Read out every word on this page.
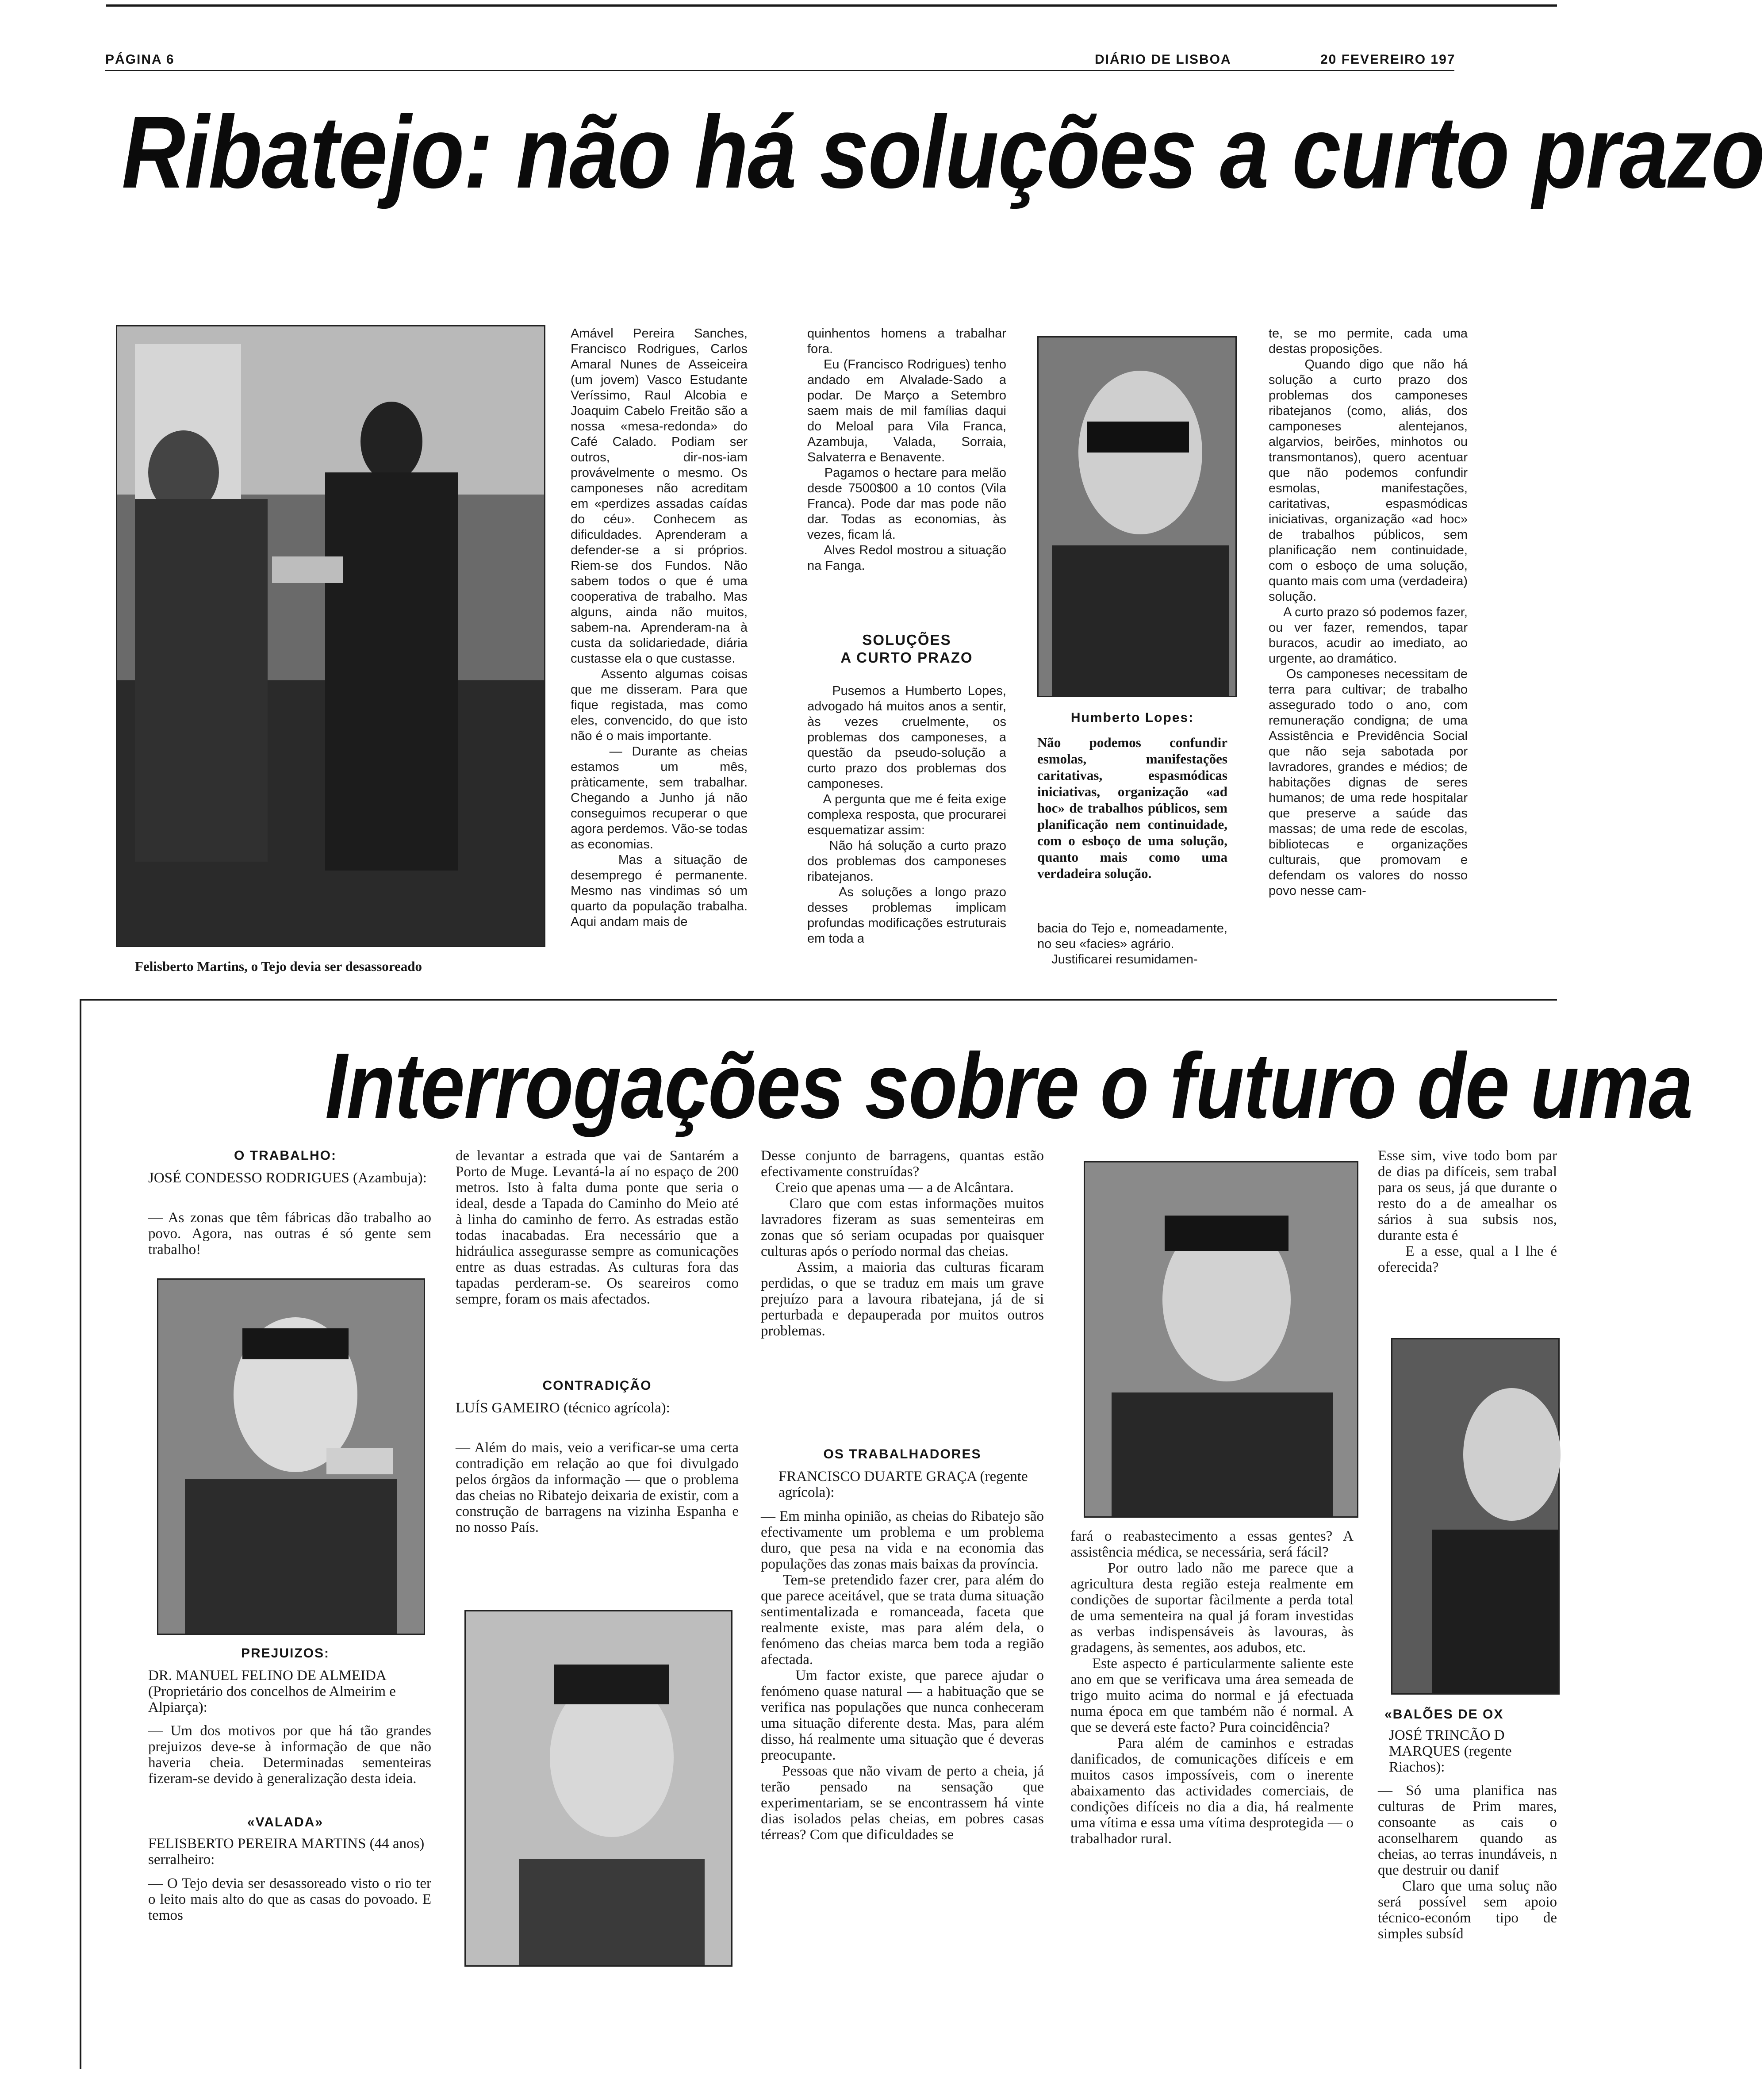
PÁGINA 6	DIÁRIO DE LISBOA	20 FEVEREIRO 197
Ribatejo: não há soluções a curto prazo
Felisberto Martins, o Tejo devia ser desassoreado
Amável Pereira Sanches, Francisco Rodrigues, Carlos Amaral Nunes de Asseiceira (um jovem) Vasco Estudante Veríssimo, Raul Alcobia e Joaquim Cabelo Freitão são a nossa «mesa-redonda» do Café Calado. Podiam ser outros, dir-nos-iam provávelmente o mesmo. Os camponeses não acreditam em «perdizes assadas caídas do céu». Conhecem as dificuldades. Aprenderam a defender-se a si próprios. Riem-se dos Fundos. Não sabem todos o que é uma cooperativa de trabalho. Mas alguns, ainda não muitos, sabem-na. Aprenderam-na à custa da solidariedade, diária custasse ela o que custasse.
Assento algumas coisas que me disseram. Para que fique registada, mas como eles, convencido, do que isto não é o mais importante.
— Durante as cheias estamos um mês, pràticamente, sem trabalhar. Chegando a Junho já não conseguimos recuperar o que agora perdemos. Vão-se todas as economias.
Mas a situação de desemprego é permanente. Mesmo nas vindimas só um quarto da população trabalha. Aqui andam mais de
quinhentos homens a trabalhar fora.
Eu (Francisco Rodrigues) tenho andado em Alvalade-Sado a podar. De Março a Setembro saem mais de mil famílias daqui do Meloal para Vila Franca, Azambuja, Valada, Sorraia, Salvaterra e Benavente.
Pagamos o hectare para melão desde 7500$00 a 10 contos (Vila Franca). Pode dar mas pode não dar. Todas as economias, às vezes, ficam lá.
Alves Redol mostrou a situação na Fanga.
SOLUÇÕES
A CURTO PRAZO
Pusemos a Humberto Lopes, advogado há muitos anos a sentir, às vezes cruelmente, os problemas dos camponeses, a questão da pseudo-solução a curto prazo dos problemas dos camponeses.
A pergunta que me é feita exige complexa resposta, que procurarei esquematizar assim:
Não há solução a curto prazo dos problemas dos camponeses ribatejanos.
As soluções a longo prazo desses problemas implicam profundas modificações estruturais em toda a
Humberto Lopes:
Não podemos confundir esmolas, manifestações caritativas, espasmódicas iniciativas, organização «ad hoc» de trabalhos públicos, sem planificação nem continuidade, com o esboço de uma solução, quanto mais como uma verdadeira solução.
bacia do Tejo e, nomeadamente, no seu «facies» agrário.
Justificarei resumidamen-
te, se mo permite, cada uma destas proposições.
Quando digo que não há solução a curto prazo dos problemas dos camponeses ribatejanos (como, aliás, dos camponeses alentejanos, algarvios, beirões, minhotos ou transmontanos), quero acentuar que não podemos confundir esmolas, manifestações, caritativas, espasmódicas iniciativas, organização «ad hoc» de trabalhos públicos, sem planificação nem continuidade, com o esboço de uma solução, quanto mais com uma (verdadeira) solução.
A curto prazo só podemos fazer, ou ver fazer, remendos, tapar buracos, acudir ao imediato, ao urgente, ao dramático.
Os camponeses necessitam de terra para cultivar; de trabalho assegurado todo o ano, com remuneração condigna; de uma Assistência e Previdência Social que não seja sabotada por lavradores, grandes e médios; de habitações dignas de seres humanos; de uma rede hospitalar que preserve a saúde das massas; de uma rede de escolas, bibliotecas e organizações culturais, que promovam e defendam os valores do nosso povo nesse cam-
Interrogações sobre o futuro de uma
O TRABALHO:
JOSÉ CONDESSO RODRIGUES (Azambuja):
— As zonas que têm fábricas dão trabalho ao povo. Agora, nas outras é só gente sem trabalho!
PREJUIZOS:
DR. MANUEL FELINO DE ALMEIDA (Proprietário dos concelhos de Almeirim e Alpiarça):
— Um dos motivos por que há tão grandes prejuizos deve-se à informação de que não haveria cheia. Determinadas sementeiras fizeram-se devido à generalização desta ideia.
«VALADA»
FELISBERTO PEREIRA MARTINS (44 anos) serralheiro:
— O Tejo devia ser desassoreado visto o rio ter o leito mais alto do que as casas do povoado. E temos
de levantar a estrada que vai de Santarém a Porto de Muge. Levantá-la aí no espaço de 200 metros. Isto à falta duma ponte que seria o ideal, desde a Tapada do Caminho do Meio até à linha do caminho de ferro. As estradas estão todas inacabadas. Era necessário que a hidráulica assegurasse sempre as comunicações entre as duas estradas. As culturas fora das tapadas perderam-se. Os seareiros como sempre, foram os mais afectados.
CONTRADIÇÃO
LUÍS GAMEIRO (técnico agrícola):
— Além do mais, veio a verificar-se uma certa contradição em relação ao que foi divulgado pelos órgãos da informação — que o problema das cheias no Ribatejo deixaria de existir, com a construção de barragens na vizinha Espanha e no nosso País.
Desse conjunto de barragens, quantas estão efectivamente construídas?
Creio que apenas uma — a de Alcântara.
Claro que com estas informações muitos lavradores fizeram as suas sementeiras em zonas que só seriam ocupadas por quaisquer culturas após o período normal das cheias.
Assim, a maioria das culturas ficaram perdidas, o que se traduz em mais um grave prejuízo para a lavoura ribatejana, já de si perturbada e depauperada por muitos outros problemas.
OS TRABALHADORES
FRANCISCO DUARTE GRAÇA (regente agrícola):
— Em minha opinião, as cheias do Ribatejo são efectivamente um problema e um problema duro, que pesa na vida e na economia das populações das zonas mais baixas da província.
Tem-se pretendido fazer crer, para além do que parece aceitável, que se trata duma situação sentimentalizada e romanceada, faceta que realmente existe, mas para além dela, o fenómeno das cheias marca bem toda a região afectada.
Um factor existe, que parece ajudar o fenómeno quase natural — a habituação que se verifica nas populações que nunca conheceram uma situação diferente desta. Mas, para além disso, há realmente uma situação que é deveras preocupante.
Pessoas que não vivam de perto a cheia, já terão pensado na sensação que experimentariam, se se encontrassem há vinte dias isolados pelas cheias, em pobres casas térreas? Com que dificuldades se
fará o reabastecimento a essas gentes? A assistência médica, se necessária, será fácil?
Por outro lado não me parece que a agricultura desta região esteja realmente em condições de suportar fàcilmente a perda total de uma sementeira na qual já foram investidas as verbas indispensáveis às lavouras, às gradagens, às sementes, aos adubos, etc.
Este aspecto é particularmente saliente este ano em que se verificava uma área semeada de trigo muito acima do normal e já efectuada numa época em que também não é normal. A que se deverá este facto? Pura coincidência?
Para além de caminhos e estradas danificados, de comunicações difíceis e em muitos casos impossíveis, com o inerente abaixamento das actividades comerciais, de condições difíceis no dia a dia, há realmente uma vítima e essa uma vítima desprotegida — o trabalhador rural.
Esse sim, vive todo bom par de dias pa difíceis, sem trabal para os seus, já que durante o resto do a de amealhar os sários à sua subsis nos, durante esta é
E a esse, qual a l lhe é oferecida?
«BALÕES DE OX
JOSÉ TRINCÃO D MARQUES (regente Riachos):
— Só uma planifica nas culturas de Prim mares, consoante as cais o aconselharem quando as cheias, ao terras inundáveis, n que destruir ou danif
Claro que uma soluç não será possível sem apoio técnico-económ tipo de simples subsíd
